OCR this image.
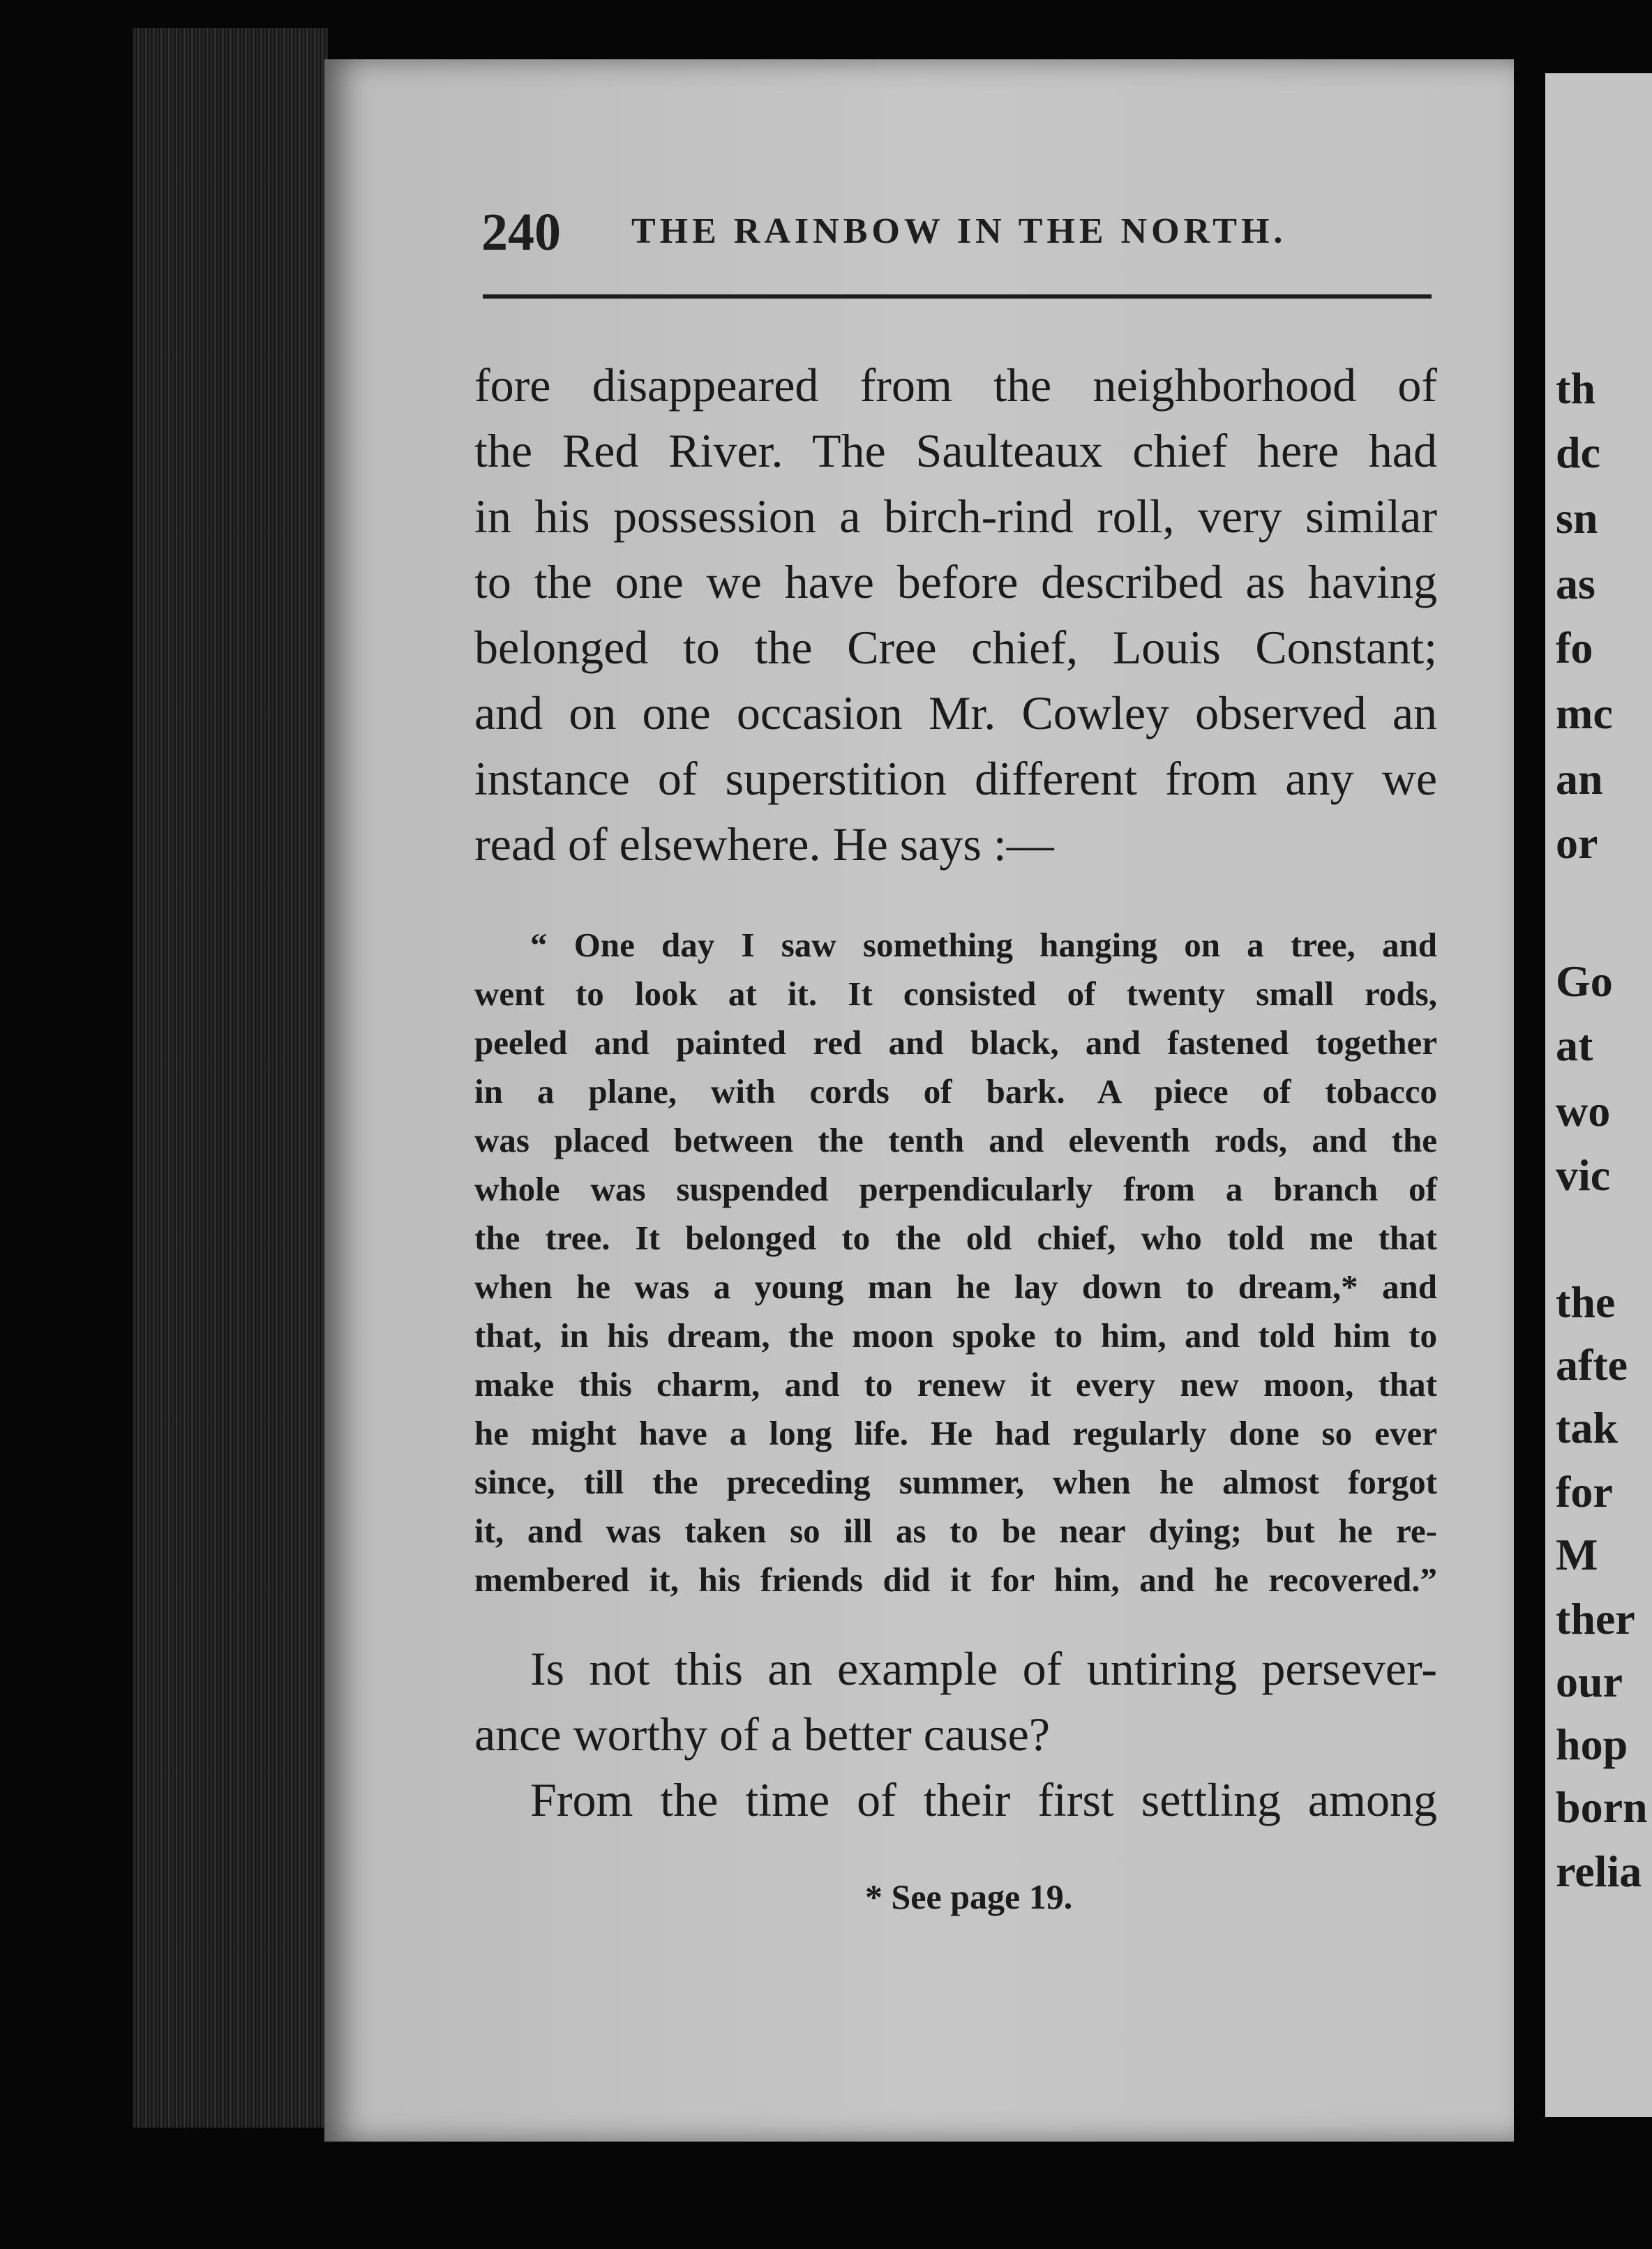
240 THE RAINBOW IN THE NORTH.
fore disappeared from the neighborhood of
the Red River. The Saulteaux chief here had
in his possession a birch-rind roll, very similar
to the one we have before described as having
belonged to the Cree chief, Louis Constant;
and on one occasion Mr. Cowley observed an
instance of superstition different from any we
read of elsewhere. He says :—
“ One day I saw something hanging on a tree, and
went to look at it. It consisted of twenty small rods,
peeled and painted red and black, and fastened together
in a plane, with cords of bark. A piece of tobacco
was placed between the tenth and eleventh rods, and the
whole was suspended perpendicularly from a branch of
the tree. It belonged to the old chief, who told me that
when he was a young man he lay down to dream,* and
that, in his dream, the moon spoke to him, and told him to
make this charm, and to renew it every new moon, that
he might have a long life. He had regularly done so ever
since, till the preceding summer, when he almost forgot
it, and was taken so ill as to be near dying; but he re-
membered it, his friends did it for him, and he recovered.”
Is not this an example of untiring persever-
ance worthy of a better cause?
From the time of their first settling among
* See page 19.
th
dc
sn
as
fo
mc
an
or
Go
at
wo
vic
the
afte
tak
for
M
ther
our
hop
born
relia
